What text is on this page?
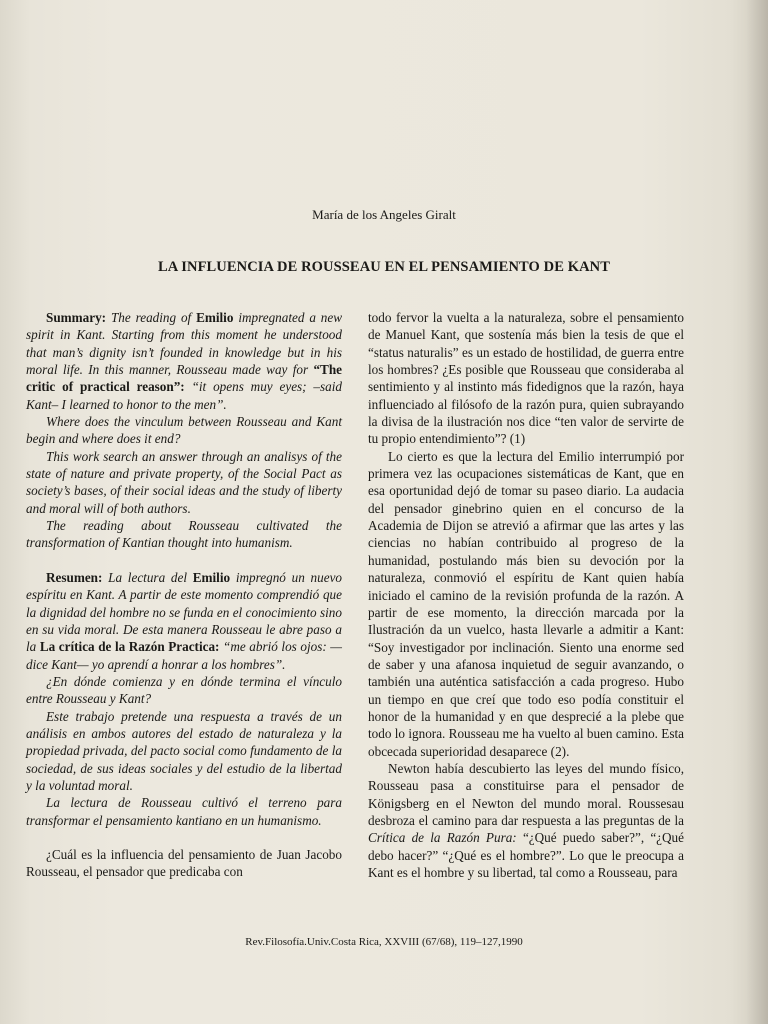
María de los Angeles Giralt
LA INFLUENCIA DE ROUSSEAU EN EL PENSAMIENTO DE KANT

Summary: The reading of Emilio impregnated a new spirit in Kant. Starting from this moment he understood that man’s dignity isn’t founded in knowledge but in his moral life. In this manner, Rousseau made way for “The critic of practical reason”: “it opens muy eyes; –said Kant– I learned to honor to the men”.

Where does the vinculum between Rousseau and Kant begin and where does it end?

This work search an answer through an analisys of the state of nature and private property, of the Social Pact as society’s bases, of their social ideas and the study of liberty and moral will of both authors.

The reading about Rousseau cultivated the transformation of Kantian thought into humanism.

Resumen: La lectura del Emilio impregnó un nuevo espíritu en Kant. A partir de este momento comprendió que la dignidad del hombre no se funda en el conocimiento sino en su vida moral. De esta manera Rousseau le abre paso a la La crítica de la Razón Practica: “me abrió los ojos: —dice Kant— yo aprendí a honrar a los hombres”.

¿En dónde comienza y en dónde termina el vínculo entre Rousseau y Kant?

Este trabajo pretende una respuesta a través de un análisis en ambos autores del estado de naturaleza y la propiedad privada, del pacto social como fundamento de la sociedad, de sus ideas sociales y del estudio de la libertad y la voluntad moral.

La lectura de Rousseau cultivó el terreno para transformar el pensamiento kantiano en un humanismo.

¿Cuál es la influencia del pensamiento de Juan Jacobo Rousseau, el pensador que predicaba con

todo fervor la vuelta a la naturaleza, sobre el pensamiento de Manuel Kant, que sostenía más bien la tesis de que el “status naturalis” es un estado de hostilidad, de guerra entre los hombres? ¿Es posible que Rousseau que consideraba al sentimiento y al instinto más fidedignos que la razón, haya influenciado al filósofo de la razón pura, quien subrayando la divisa de la ilustración nos dice “ten valor de servirte de tu propio entendimiento”? (1)

Lo cierto es que la lectura del Emilio interrumpió por primera vez las ocupaciones sistemáticas de Kant, que en esa oportunidad dejó de tomar su paseo diario. La audacia del pensador ginebrino quien en el concurso de la Academia de Dijon se atrevió a afirmar que las artes y las ciencias no habían contribuido al progreso de la humanidad, postulando más bien su devoción por la naturaleza, conmovió el espíritu de Kant quien había iniciado el camino de la revisión profunda de la razón. A partir de ese momento, la dirección marcada por la Ilustración da un vuelco, hasta llevarle a admitir a Kant: “Soy investigador por inclinación. Siento una enorme sed de saber y una afanosa inquietud de seguir avanzando, o también una auténtica satisfacción a cada progreso. Hubo un tiempo en que creí que todo eso podía constituir el honor de la humanidad y en que desprecié a la plebe que todo lo ignora. Rousseau me ha vuelto al buen camino. Esta obcecada superioridad desaparece (2).

Newton había descubierto las leyes del mundo físico, Rousseau pasa a constituirse para el pensador de Königsberg en el Newton del mundo moral. Roussesau desbroza el camino para dar respuesta a las preguntas de la Crítica de la Razón Pura: “¿Qué puedo saber?”, “¿Qué debo hacer?” “¿Qué es el hombre?”. Lo que le preocupa a Kant es el hombre y su libertad, tal como a Rousseau, para

Rev.Filosofía.Univ.Costa Rica, XXVIII (67/68), 119–127,1990
